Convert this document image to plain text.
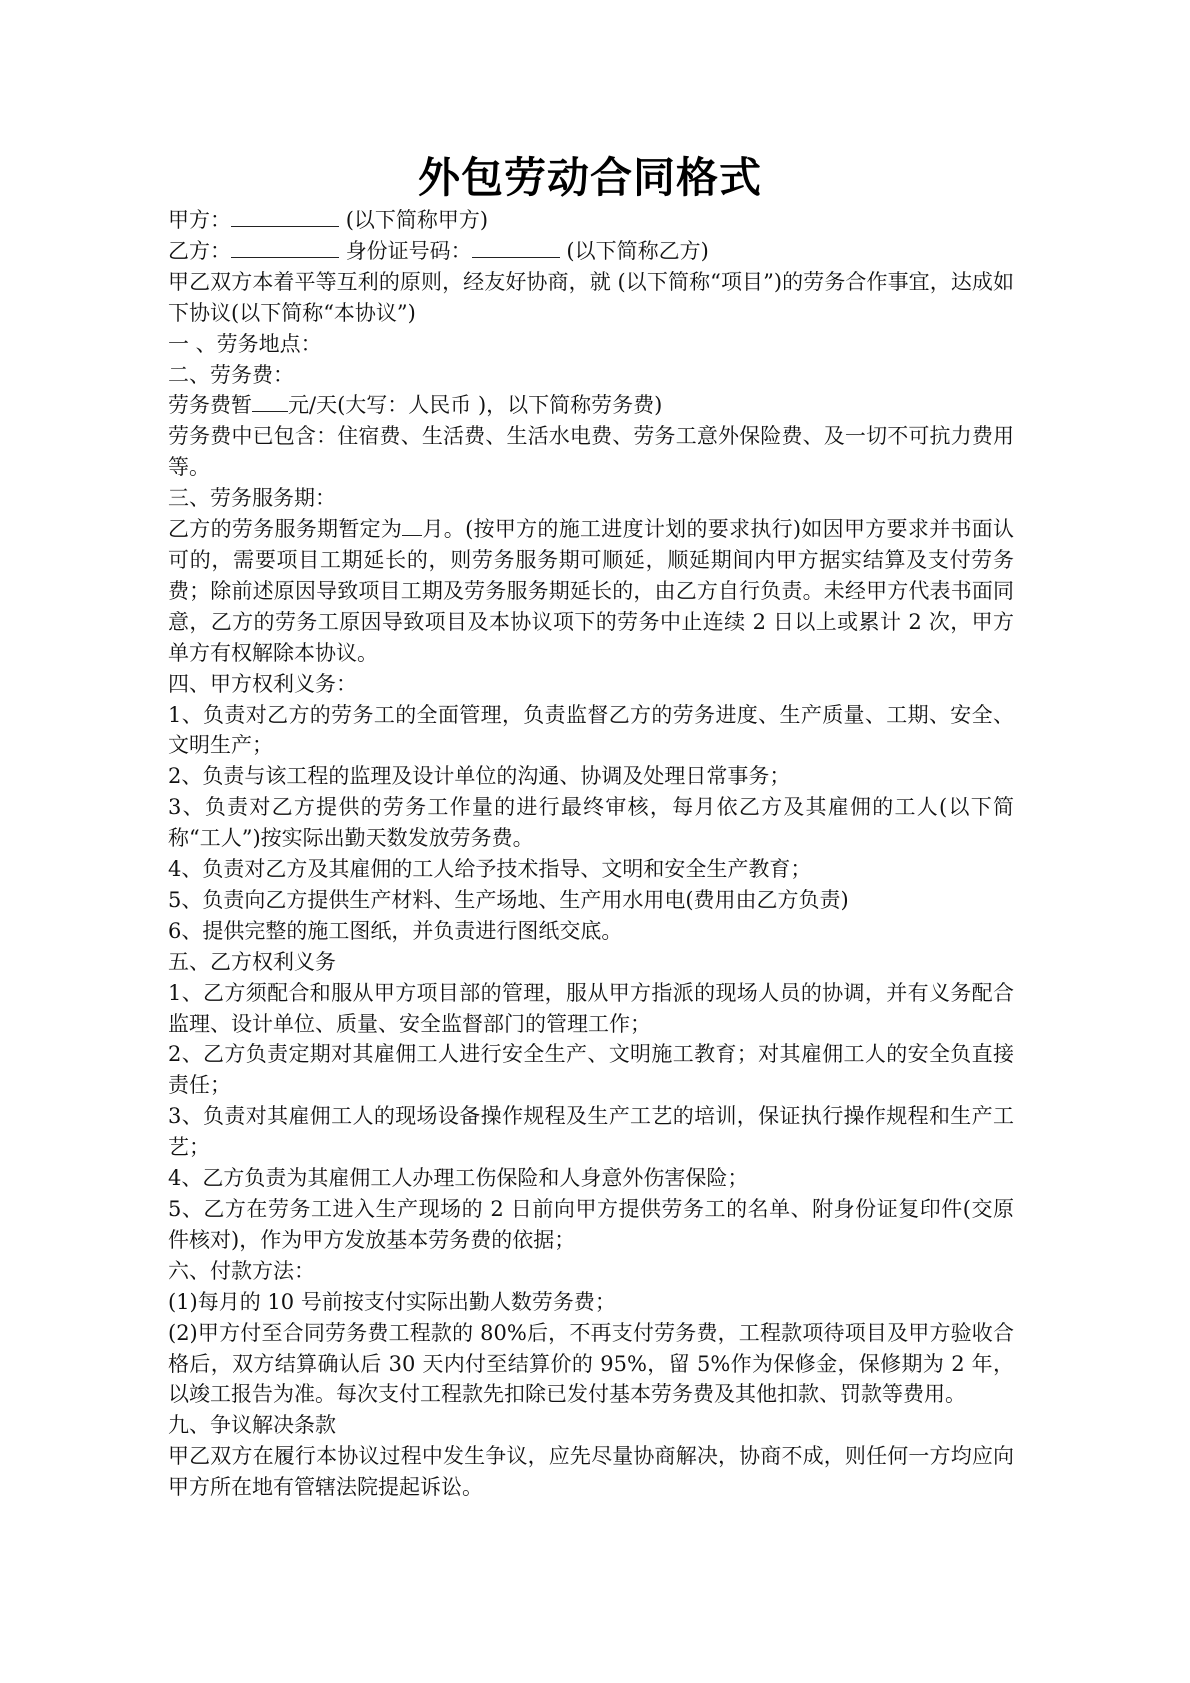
外包劳动合同格式

甲方：	(以下简称甲方)

乙方：	身份证号码：	(以下简称乙方)

甲乙双方本着平等互利的原则，经友好协商，就 (以下简称“项目”)的劳务合作事宜，达成如下协议(以下简称“本协议”)

一 、劳务地点：

二、劳务费：

劳务费暂 元/天(大写：人民币 )，以下简称劳务费)

劳务费中已包含：住宿费、生活费、生活水电费、劳务工意外保险费、及一切不可抗力费用等。

三、劳务服务期：

乙方的劳务服务期暂定为 月。(按甲方的施工进度计划的要求执行)如因甲方要求并书面认可的，需要项目工期延长的，则劳务服务期可顺延，顺延期间内甲方据实结算及支付劳务费；除前述原因导致项目工期及劳务服务期延长的，由乙方自行负责。未经甲方代表书面同意，乙方的劳务工原因导致项目及本协议项下的劳务中止连续 2 日以上或累计 2 次，甲方单方有权解除本协议。

四、甲方权利义务：

1、负责对乙方的劳务工的全面管理，负责监督乙方的劳务进度、生产质量、工期、安全、文明生产；

2、负责与该工程的监理及设计单位的沟通、协调及处理日常事务；

3、负责对乙方提供的劳务工作量的进行最终审核，每月依乙方及其雇佣的工人(以下简称“工人”)按实际出勤天数发放劳务费。

4、负责对乙方及其雇佣的工人给予技术指导、文明和安全生产教育；

5、负责向乙方提供生产材料、生产场地、生产用水用电(费用由乙方负责)

6、提供完整的施工图纸，并负责进行图纸交底。

五、乙方权利义务

1、乙方须配合和服从甲方项目部的管理，服从甲方指派的现场人员的协调，并有义务配合监理、设计单位、质量、安全监督部门的管理工作；

2、乙方负责定期对其雇佣工人进行安全生产、文明施工教育；对其雇佣工人的安全负直接责任；

3、负责对其雇佣工人的现场设备操作规程及生产工艺的培训，保证执行操作规程和生产工艺；

4、乙方负责为其雇佣工人办理工伤保险和人身意外伤害保险；

5、乙方在劳务工进入生产现场的 2 日前向甲方提供劳务工的名单、附身份证复印件(交原件核对)，作为甲方发放基本劳务费的依据；

六、付款方法：

(1)每月的 10 号前按支付实际出勤人数劳务费；

(2)甲方付至合同劳务费工程款的 80%后，不再支付劳务费，工程款项待项目及甲方验收合格后，双方结算确认后 30 天内付至结算价的 95%，留 5%作为保修金，保修期为 2 年，以竣工报告为准。每次支付工程款先扣除已发付基本劳务费及其他扣款、罚款等费用。

九、争议解决条款

甲乙双方在履行本协议过程中发生争议，应先尽量协商解决，协商不成，则任何一方均应向甲方所在地有管辖法院提起诉讼。
